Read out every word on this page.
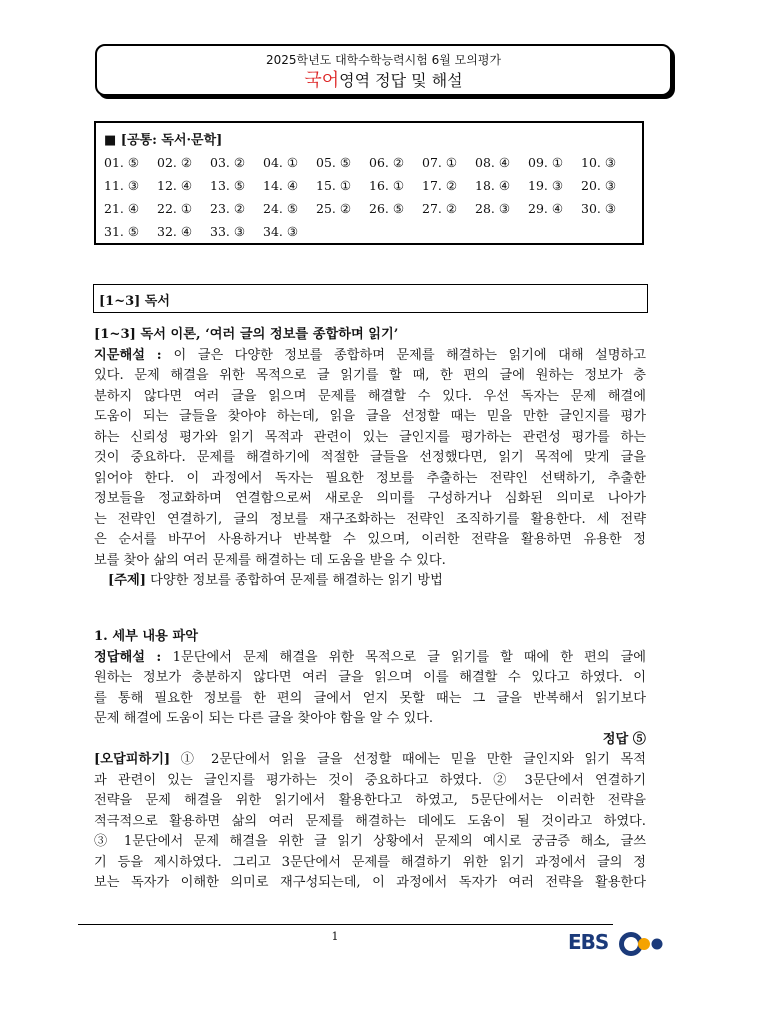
2025학년도 대학수학능력시험 6월 모의평가
국어영역 정답 및 해설
■ [공통: 독서·문학]
01. ⑤ 02. ② 03. ② 04. ① 05. ⑤ 06. ② 07. ① 08. ④ 09. ① 10. ③
11. ③ 12. ④ 13. ⑤ 14. ④ 15. ① 16. ① 17. ② 18. ④ 19. ③ 20. ③
21. ④ 22. ① 23. ② 24. ⑤ 25. ② 26. ⑤ 27. ② 28. ③ 29. ④ 30. ③
31. ⑤ 32. ④ 33. ③ 34. ③
[1~3] 독서
[1~3] 독서 이론, ‘여러 글의 정보를 종합하며 읽기’
지문해설 : 이 글은 다양한 정보를 종합하며 문제를 해결하는 읽기에 대해 설명하고
있다. 문제 해결을 위한 목적으로 글 읽기를 할 때, 한 편의 글에 원하는 정보가 충
분하지 않다면 여러 글을 읽으며 문제를 해결할 수 있다. 우선 독자는 문제 해결에
도움이 되는 글들을 찾아야 하는데, 읽을 글을 선정할 때는 믿을 만한 글인지를 평가
하는 신뢰성 평가와 읽기 목적과 관련이 있는 글인지를 평가하는 관련성 평가를 하는
것이 중요하다. 문제를 해결하기에 적절한 글들을 선정했다면, 읽기 목적에 맞게 글을
읽어야 한다. 이 과정에서 독자는 필요한 정보를 추출하는 전략인 선택하기, 추출한
정보들을 정교화하며 연결함으로써 새로운 의미를 구성하거나 심화된 의미로 나아가
는 전략인 연결하기, 글의 정보를 재구조화하는 전략인 조직하기를 활용한다. 세 전략
은 순서를 바꾸어 사용하거나 반복할 수 있으며, 이러한 전략을 활용하면 유용한 정
보를 찾아 삶의 여러 문제를 해결하는 데 도움을 받을 수 있다.
[주제] 다양한 정보를 종합하여 문제를 해결하는 읽기 방법
1. 세부 내용 파악
정답해설 : 1문단에서 문제 해결을 위한 목적으로 글 읽기를 할 때에 한 편의 글에
원하는 정보가 충분하지 않다면 여러 글을 읽으며 이를 해결할 수 있다고 하였다. 이
를 통해 필요한 정보를 한 편의 글에서 얻지 못할 때는 그 글을 반복해서 읽기보다
문제 해결에 도움이 되는 다른 글을 찾아야 함을 알 수 있다.
정답 ⑤
[오답피하기] ① 2문단에서 읽을 글을 선정할 때에는 믿을 만한 글인지와 읽기 목적
과 관련이 있는 글인지를 평가하는 것이 중요하다고 하였다. ② 3문단에서 연결하기
전략을 문제 해결을 위한 읽기에서 활용한다고 하였고, 5문단에서는 이러한 전략을
적극적으로 활용하면 삶의 여러 문제를 해결하는 데에도 도움이 될 것이라고 하였다.
③ 1문단에서 문제 해결을 위한 글 읽기 상황에서 문제의 예시로 궁금증 해소, 글쓰
기 등을 제시하였다. 그리고 3문단에서 문제를 해결하기 위한 읽기 과정에서 글의 정
보는 독자가 이해한 의미로 재구성되는데, 이 과정에서 독자가 여러 전략을 활용한다
1	EBS
